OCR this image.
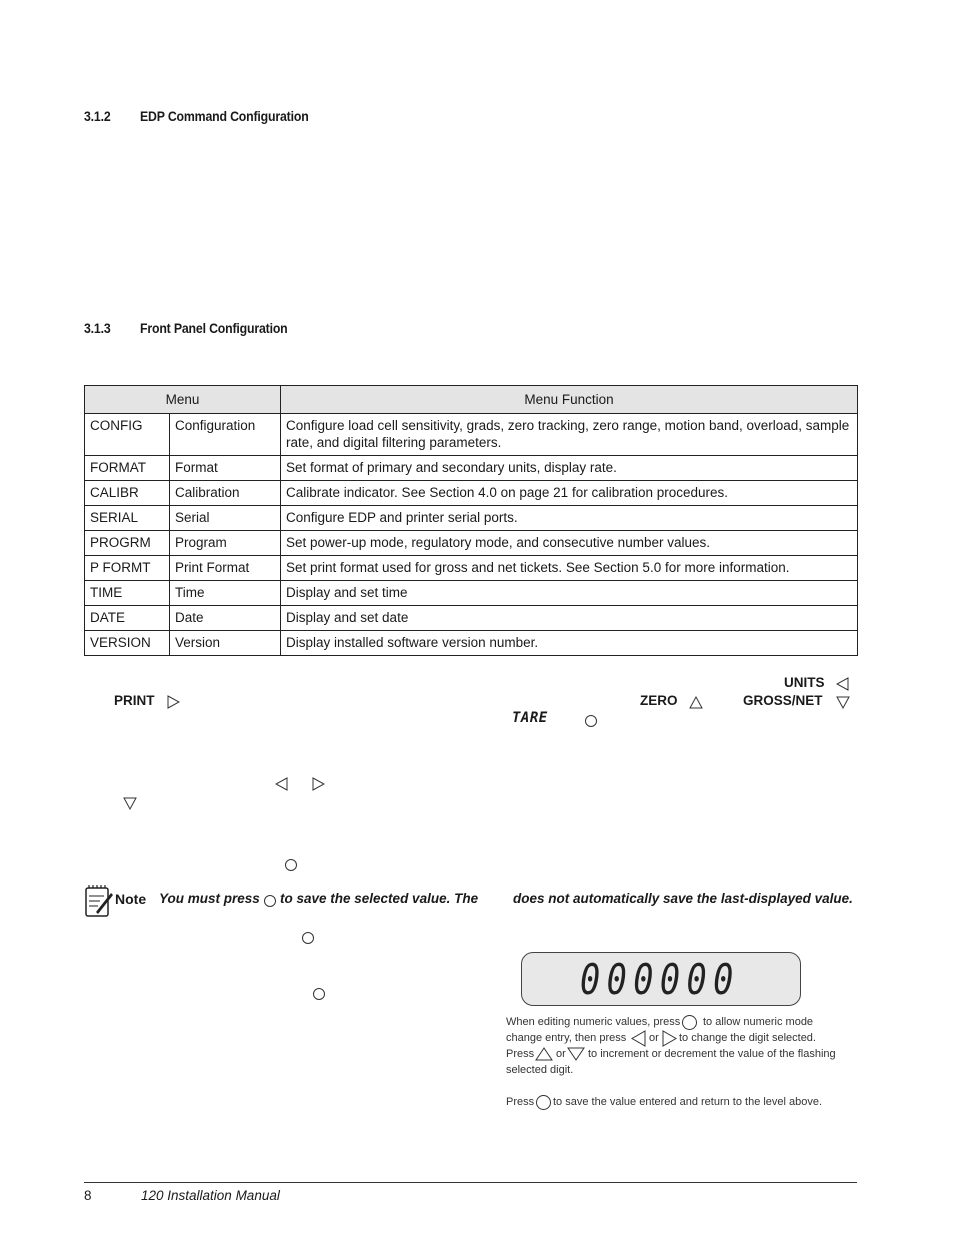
3.1.2 EDP Command Configuration
3.1.3 Front Panel Configuration
Menu		Menu Function
CONFIG	Configuration	Configure load cell sensitivity, grads, zero tracking, zero range, motion band, overload, sample rate, and digital filtering parameters.
FORMAT	Format	Set format of primary and secondary units, display rate.
CALIBR	Calibration	Calibrate indicator. See Section 4.0 on page 21 for calibration procedures.
SERIAL	Serial	Configure EDP and printer serial ports.
PROGRM	Program	Set power-up mode, regulatory mode, and consecutive number values.
P FORMT	Print Format	Set print format used for gross and net tickets. See Section 5.0 for more information.
TIME	Time	Display and set time
DATE	Date	Display and set date
VERSION	Version	Display installed software version number.
UNITS
PRINT	ZERO	GROSS/NET
TARE
Note You must press to save the selected value. The	does not automatically save the last-displayed value.
000000
When editing numeric values, press to allow numeric mode
change entry, then press or to change the digit selected.
Press or to increment or decrement the value of the flashing
selected digit.
Press to save the value entered and return to the level above.
8	120 Installation Manual
